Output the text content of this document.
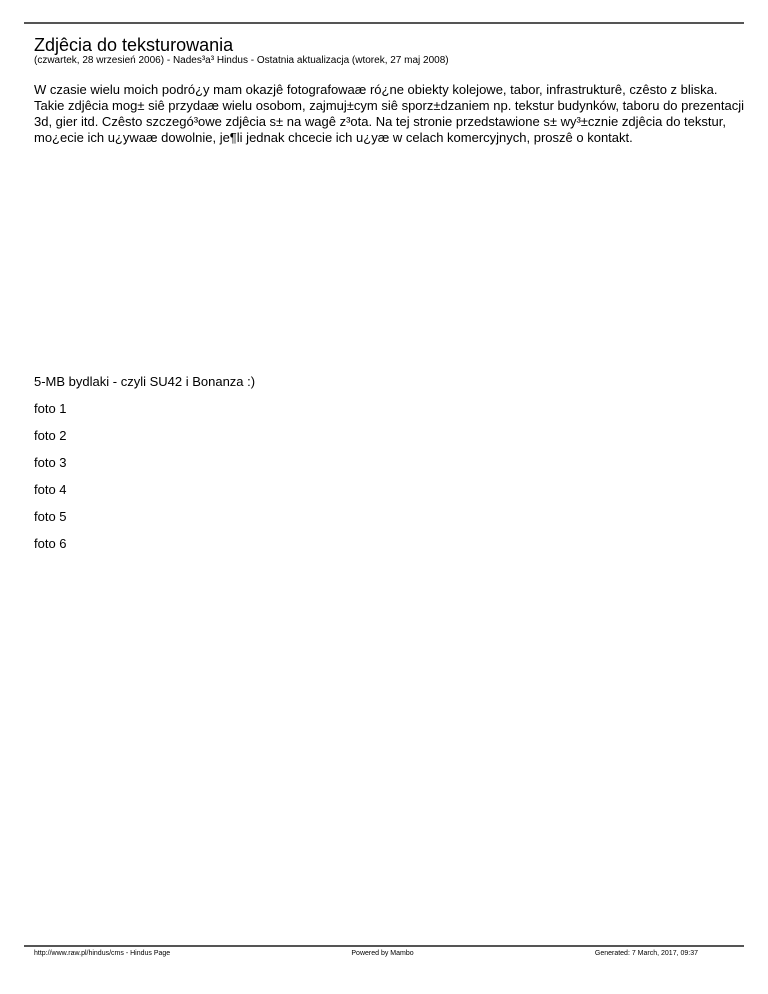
Zdjêcia do teksturowania

(czwartek, 28 wrzesień 2006) - Nades³a³ Hindus - Ostatnia aktualizacja (wtorek, 27 maj 2008)

W czasie wielu moich podró¿y mam okazjê fotografowaæ ró¿ne obiekty kolejowe, tabor, infrastrukturê, czêsto z bliska. Takie zdjêcia mog± siê przydaæ wielu osobom, zajmuj±cym siê sporz±dzaniem np. tekstur budynków, taboru do prezentacji 3d, gier itd. Czêsto szczegó³owe zdjêcia s± na wagê z³ota. Na tej stronie przedstawione s± wy³±cznie zdjêcia do tekstur, mo¿ecie ich u¿ywaæ dowolnie, je¶li jednak chcecie ich u¿yæ w celach komercyjnych, proszê o kontakt.

5-MB bydlaki - czyli SU42 i Bonanza :)

foto 1

foto 2

foto 3

foto 4

foto 5

foto 6

http://www.raw.pl/hindus/cms - Hindus Page	Powered by Mambo	Generated: 7 March, 2017, 09:37
